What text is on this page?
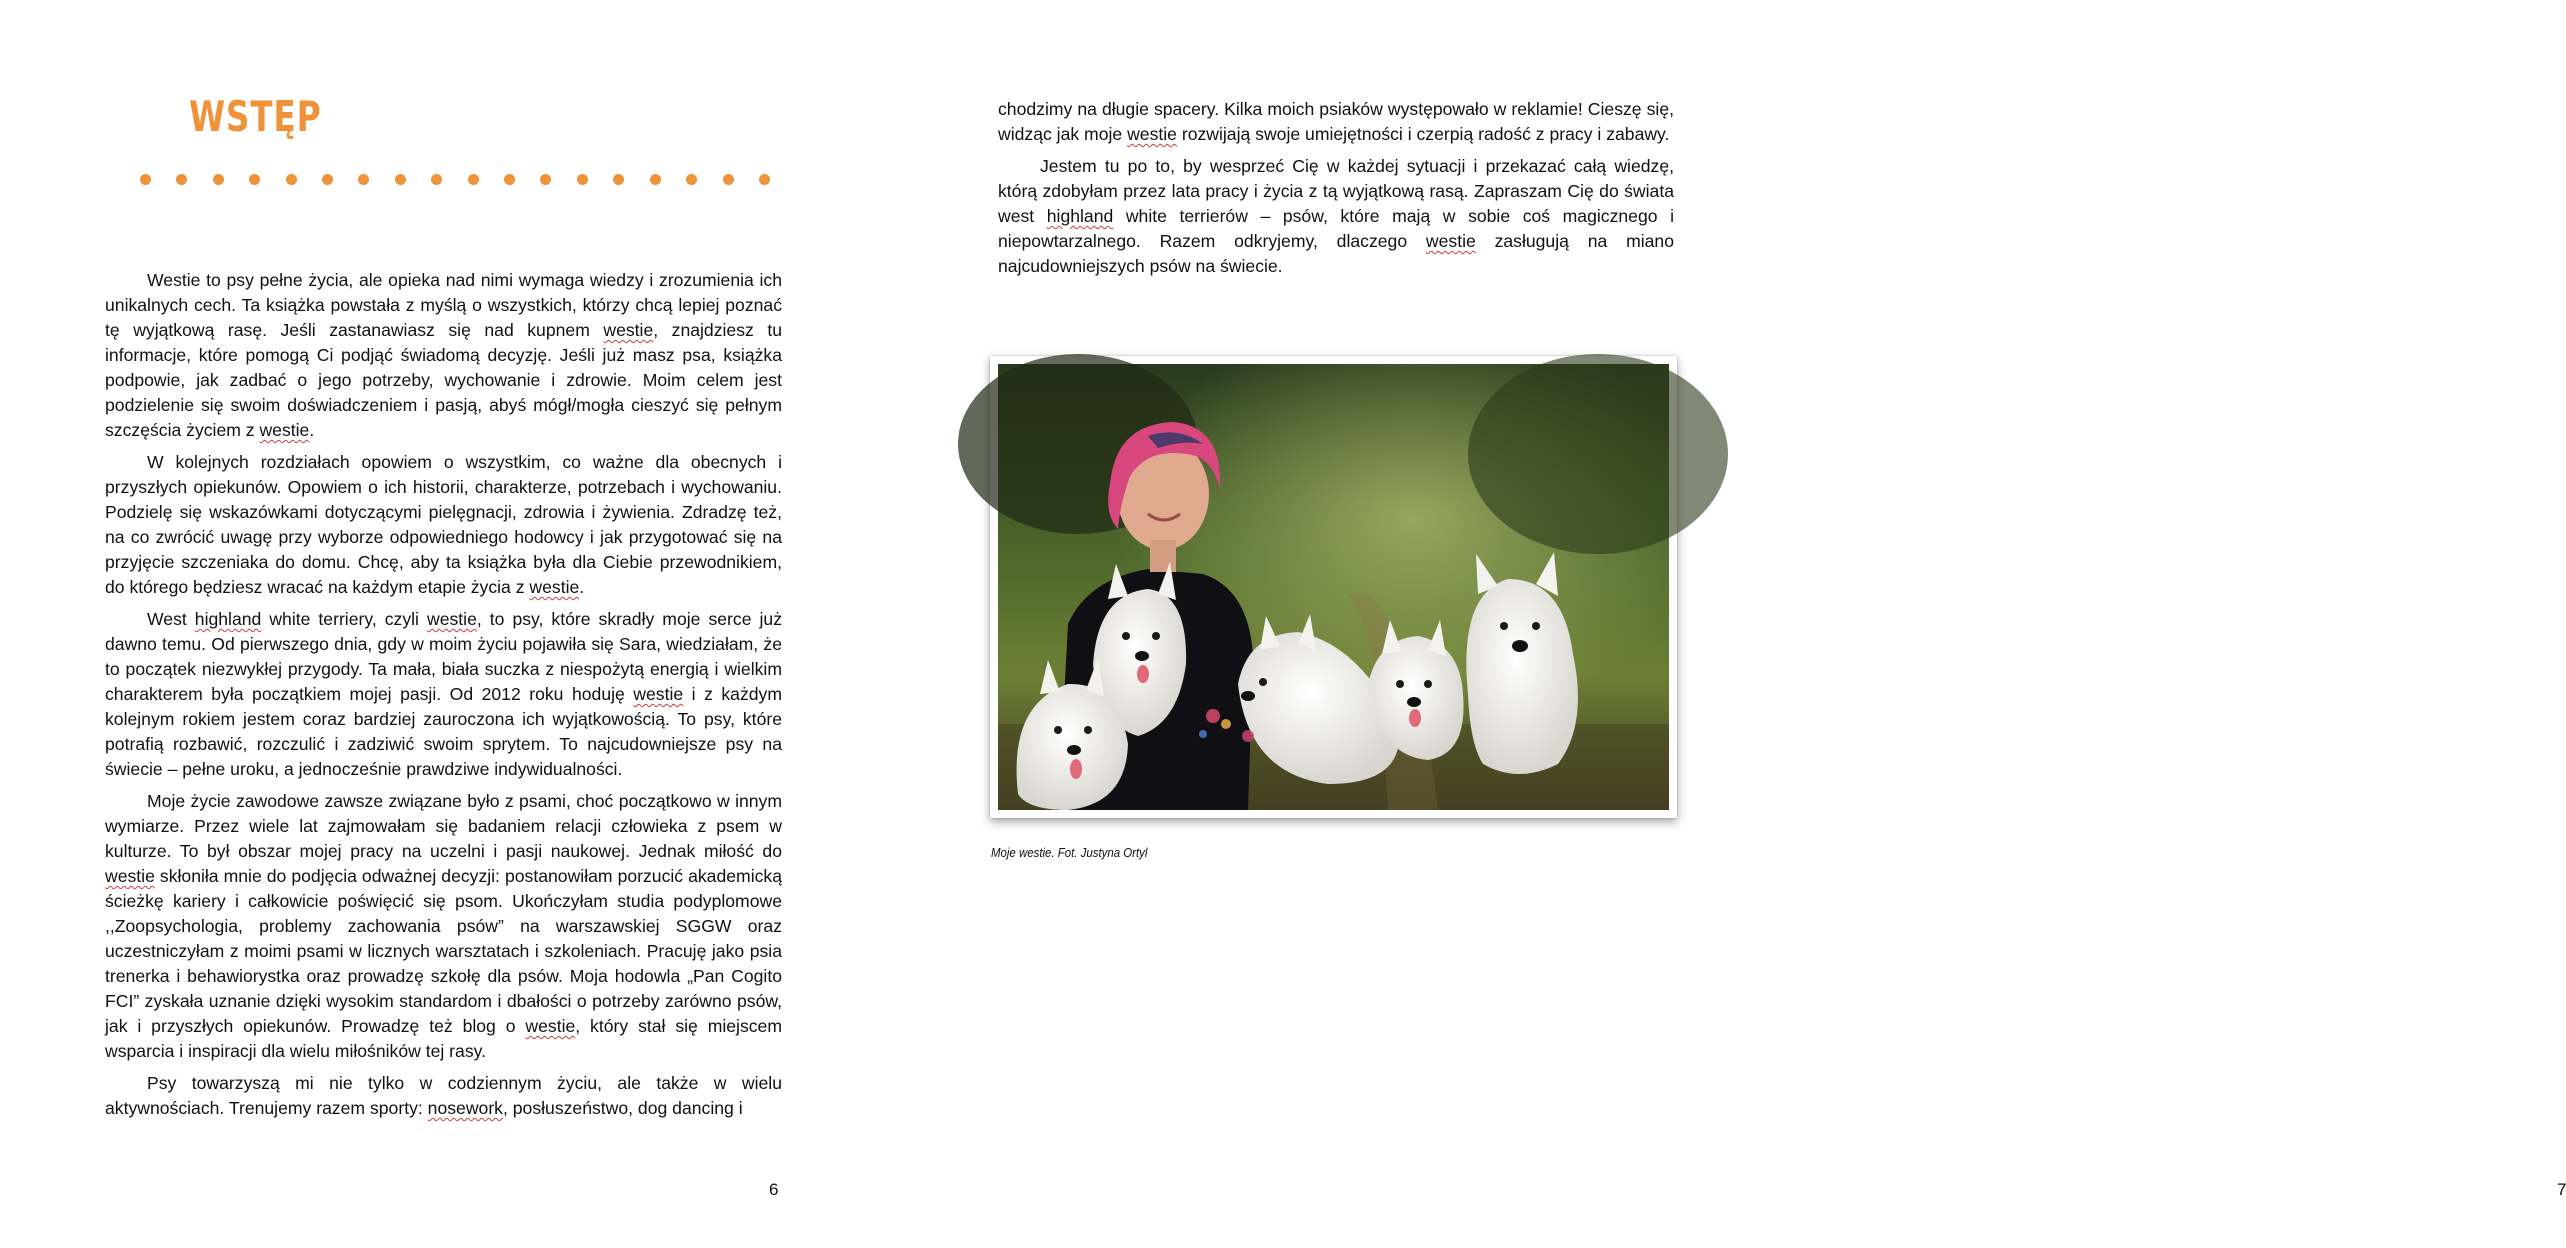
WSTĘP

Westie to psy pełne życia, ale opieka nad nimi wymaga wiedzy i zrozumienia ich unikalnych cech. Ta książka powstała z myślą o wszystkich, którzy chcą lepiej poznać tę wyjątkową rasę. Jeśli zastanawiasz się nad kupnem westie, znajdziesz tu informacje, które pomogą Ci podjąć świadomą decyzję. Jeśli już masz psa, książka podpowie, jak zadbać o jego potrzeby, wychowanie i zdrowie. Moim celem jest podzielenie się swoim doświadczeniem i pasją, abyś mógł/mogła cieszyć się pełnym szczęścia życiem z westie.

W kolejnych rozdziałach opowiem o wszystkim, co ważne dla obecnych i przyszłych opiekunów. Opowiem o ich historii, charakterze, potrzebach i wychowaniu. Podzielę się wskazówkami dotyczącymi pielęgnacji, zdrowia i żywienia. Zdradzę też, na co zwrócić uwagę przy wyborze odpowiedniego hodowcy i jak przygotować się na przyjęcie szczeniaka do domu. Chcę, aby ta książka była dla Ciebie przewodnikiem, do którego będziesz wracać na każdym etapie życia z westie.

West highland white terriery, czyli westie, to psy, które skradły moje serce już dawno temu. Od pierwszego dnia, gdy w moim życiu pojawiła się Sara, wiedziałam, że to początek niezwykłej przygody. Ta mała, biała suczka z niespożytą energią i wielkim charakterem była początkiem mojej pasji. Od 2012 roku hoduję westie i z każdym kolejnym rokiem jestem coraz bardziej zauroczona ich wyjątkowością. To psy, które potrafią rozbawić, rozczulić i zadziwić swoim sprytem. To najcudowniejsze psy na świecie – pełne uroku, a jednocześnie prawdziwe indywidualności.

Moje życie zawodowe zawsze związane było z psami, choć początkowo w innym wymiarze. Przez wiele lat zajmowałam się badaniem relacji człowieka z psem w kulturze. To był obszar mojej pracy na uczelni i pasji naukowej. Jednak miłość do westie skłoniła mnie do podjęcia odważnej decyzji: postanowiłam porzucić akademicką ścieżkę kariery i całkowicie poświęcić się psom. Ukończyłam studia podyplomowe ,,Zoopsychologia, problemy zachowania psów” na warszawskiej SGGW oraz uczestniczyłam z moimi psami w licznych warsztatach i szkoleniach. Pracuję jako psia trenerka i behawiorystka oraz prowadzę szkołę dla psów. Moja hodowla „Pan Cogito FCI” zyskała uznanie dzięki wysokim standardom i dbałości o potrzeby zarówno psów, jak i przyszłych opiekunów. Prowadzę też blog o westie, który stał się miejscem wsparcia i inspiracji dla wielu miłośników tej rasy.

Psy towarzyszą mi nie tylko w codziennym życiu, ale także w wielu aktywnościach. Trenujemy razem sporty: nosework, posłuszeństwo, dog dancing i

6	7

chodzimy na długie spacery. Kilka moich psiaków występowało w reklamie! Cieszę się, widząc jak moje westie rozwijają swoje umiejętności i czerpią radość z pracy i zabawy.

Jestem tu po to, by wesprzeć Cię w każdej sytuacji i przekazać całą wiedzę, którą zdobyłam przez lata pracy i życia z tą wyjątkową rasą. Zapraszam Cię do świata west highland white terrierów – psów, które mają w sobie coś magicznego i niepowtarzalnego. Razem odkryjemy, dlaczego westie zasługują na miano najcudowniejszych psów na świecie.

Moje westie. Fot. Justyna Ortyl
